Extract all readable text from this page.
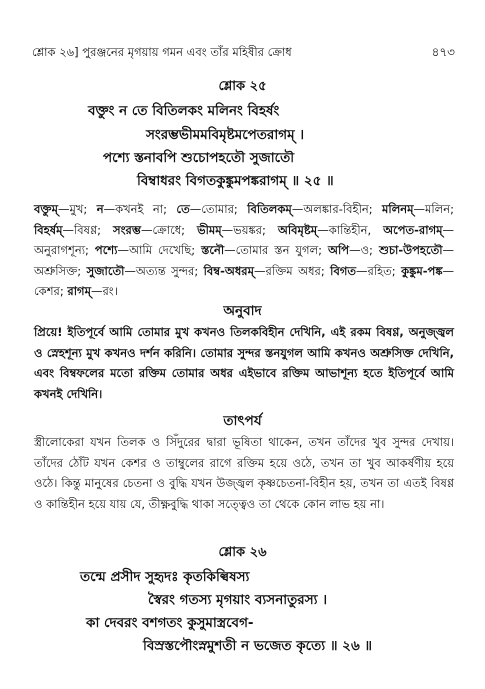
শ্লোক ২৬] পুরঞ্জনের মৃগয়ায় গমন এবং তাঁর মহিষীর ক্রোধ	৪৭৩
শ্লোক ২৫
বক্তুং ন তে বিতিলকং মলিনং বিহর্ষং
সংরম্ভভীমমবিমৃষ্টমপেতরাগম্ ।
পশ্যে স্তনাবপি শুচোপহতৌ সুজাতৌ
বিম্বাধরং বিগতকুঙ্কুমপঙ্করাগম্ ॥ ২৫ ॥
বক্তুম্—মুখ; ন—কখনই না; তে—তোমার; বিতিলকম্—অলঙ্কার-বিহীন; মলিনম্—মলিন; বিহর্ষম্—বিষণ্ণ; সংরম্ভ—ক্রোধে; ভীমম্—ভয়ঙ্কর; অবিমৃষ্টম্—কান্তিহীন, অপেত-রাগম্—অনুরাগশূন্য; পশ্যে—আমি দেখেছি; স্তনৌ—তোমার স্তন যুগল; অপি—ও; শুচা-উপহতৌ—অশ্রুসিক্ত; সুজাতৌ—অত্যন্ত সুন্দর; বিম্ব-অধরম্—রক্তিম অধর; বিগত—রহিত; কুঙ্কুম-পঙ্ক—কেশর; রাগম্—রং।
অনুবাদ
প্রিয়ে! ইতিপূর্বে আমি তোমার মুখ কখনও তিলকবিহীন দেখিনি, এই রকম বিষণ্ণ, অনুজ্জ্বল ও স্নেহশূন্য মুখ কখনও দর্শন করিনি। তোমার সুন্দর স্তনযুগল আমি কখনও অশ্রুসিক্ত দেখিনি, এবং বিম্বফলের মতো রক্তিম তোমার অধর এইভাবে রক্তিম আভাশূন্য হতে ইতিপূর্বে আমি কখনই দেখিনি।
তাৎপর্য
স্ত্রীলোকেরা যখন তিলক ও সিঁদুরের দ্বারা ভূষিতা থাকেন, তখন তাঁদের খুব সুন্দর দেখায়। তাঁদের ঠোঁট যখন কেশর ও তাম্বুলের রাগে রক্তিম হয়ে ওঠে, তখন তা খুব আকর্ষণীয় হয়ে ওঠে। কিন্তু মানুষের চেতনা ও বুদ্ধি যখন উজ্জ্বল কৃষ্ণচেতনা-বিহীন হয়, তখন তা এতই বিষণ্ণ ও কান্তিহীন হয়ে যায় যে, তীক্ষ্ণবুদ্ধি থাকা সত্ত্বেও তা থেকে কোন লাভ হয় না।
শ্লোক ২৬
তন্মে প্রসীদ সুহৃদঃ কৃতকিল্বিষস্য
স্বৈরং গতস্য মৃগয়াং ব্যসনাতুরস্য ।
কা দেবরং বশগতং কুসুমাস্ত্রবেগ-
বিস্রস্তপৌংস্নমুশতী ন ভজেত কৃত্যে ॥ ২৬ ॥
